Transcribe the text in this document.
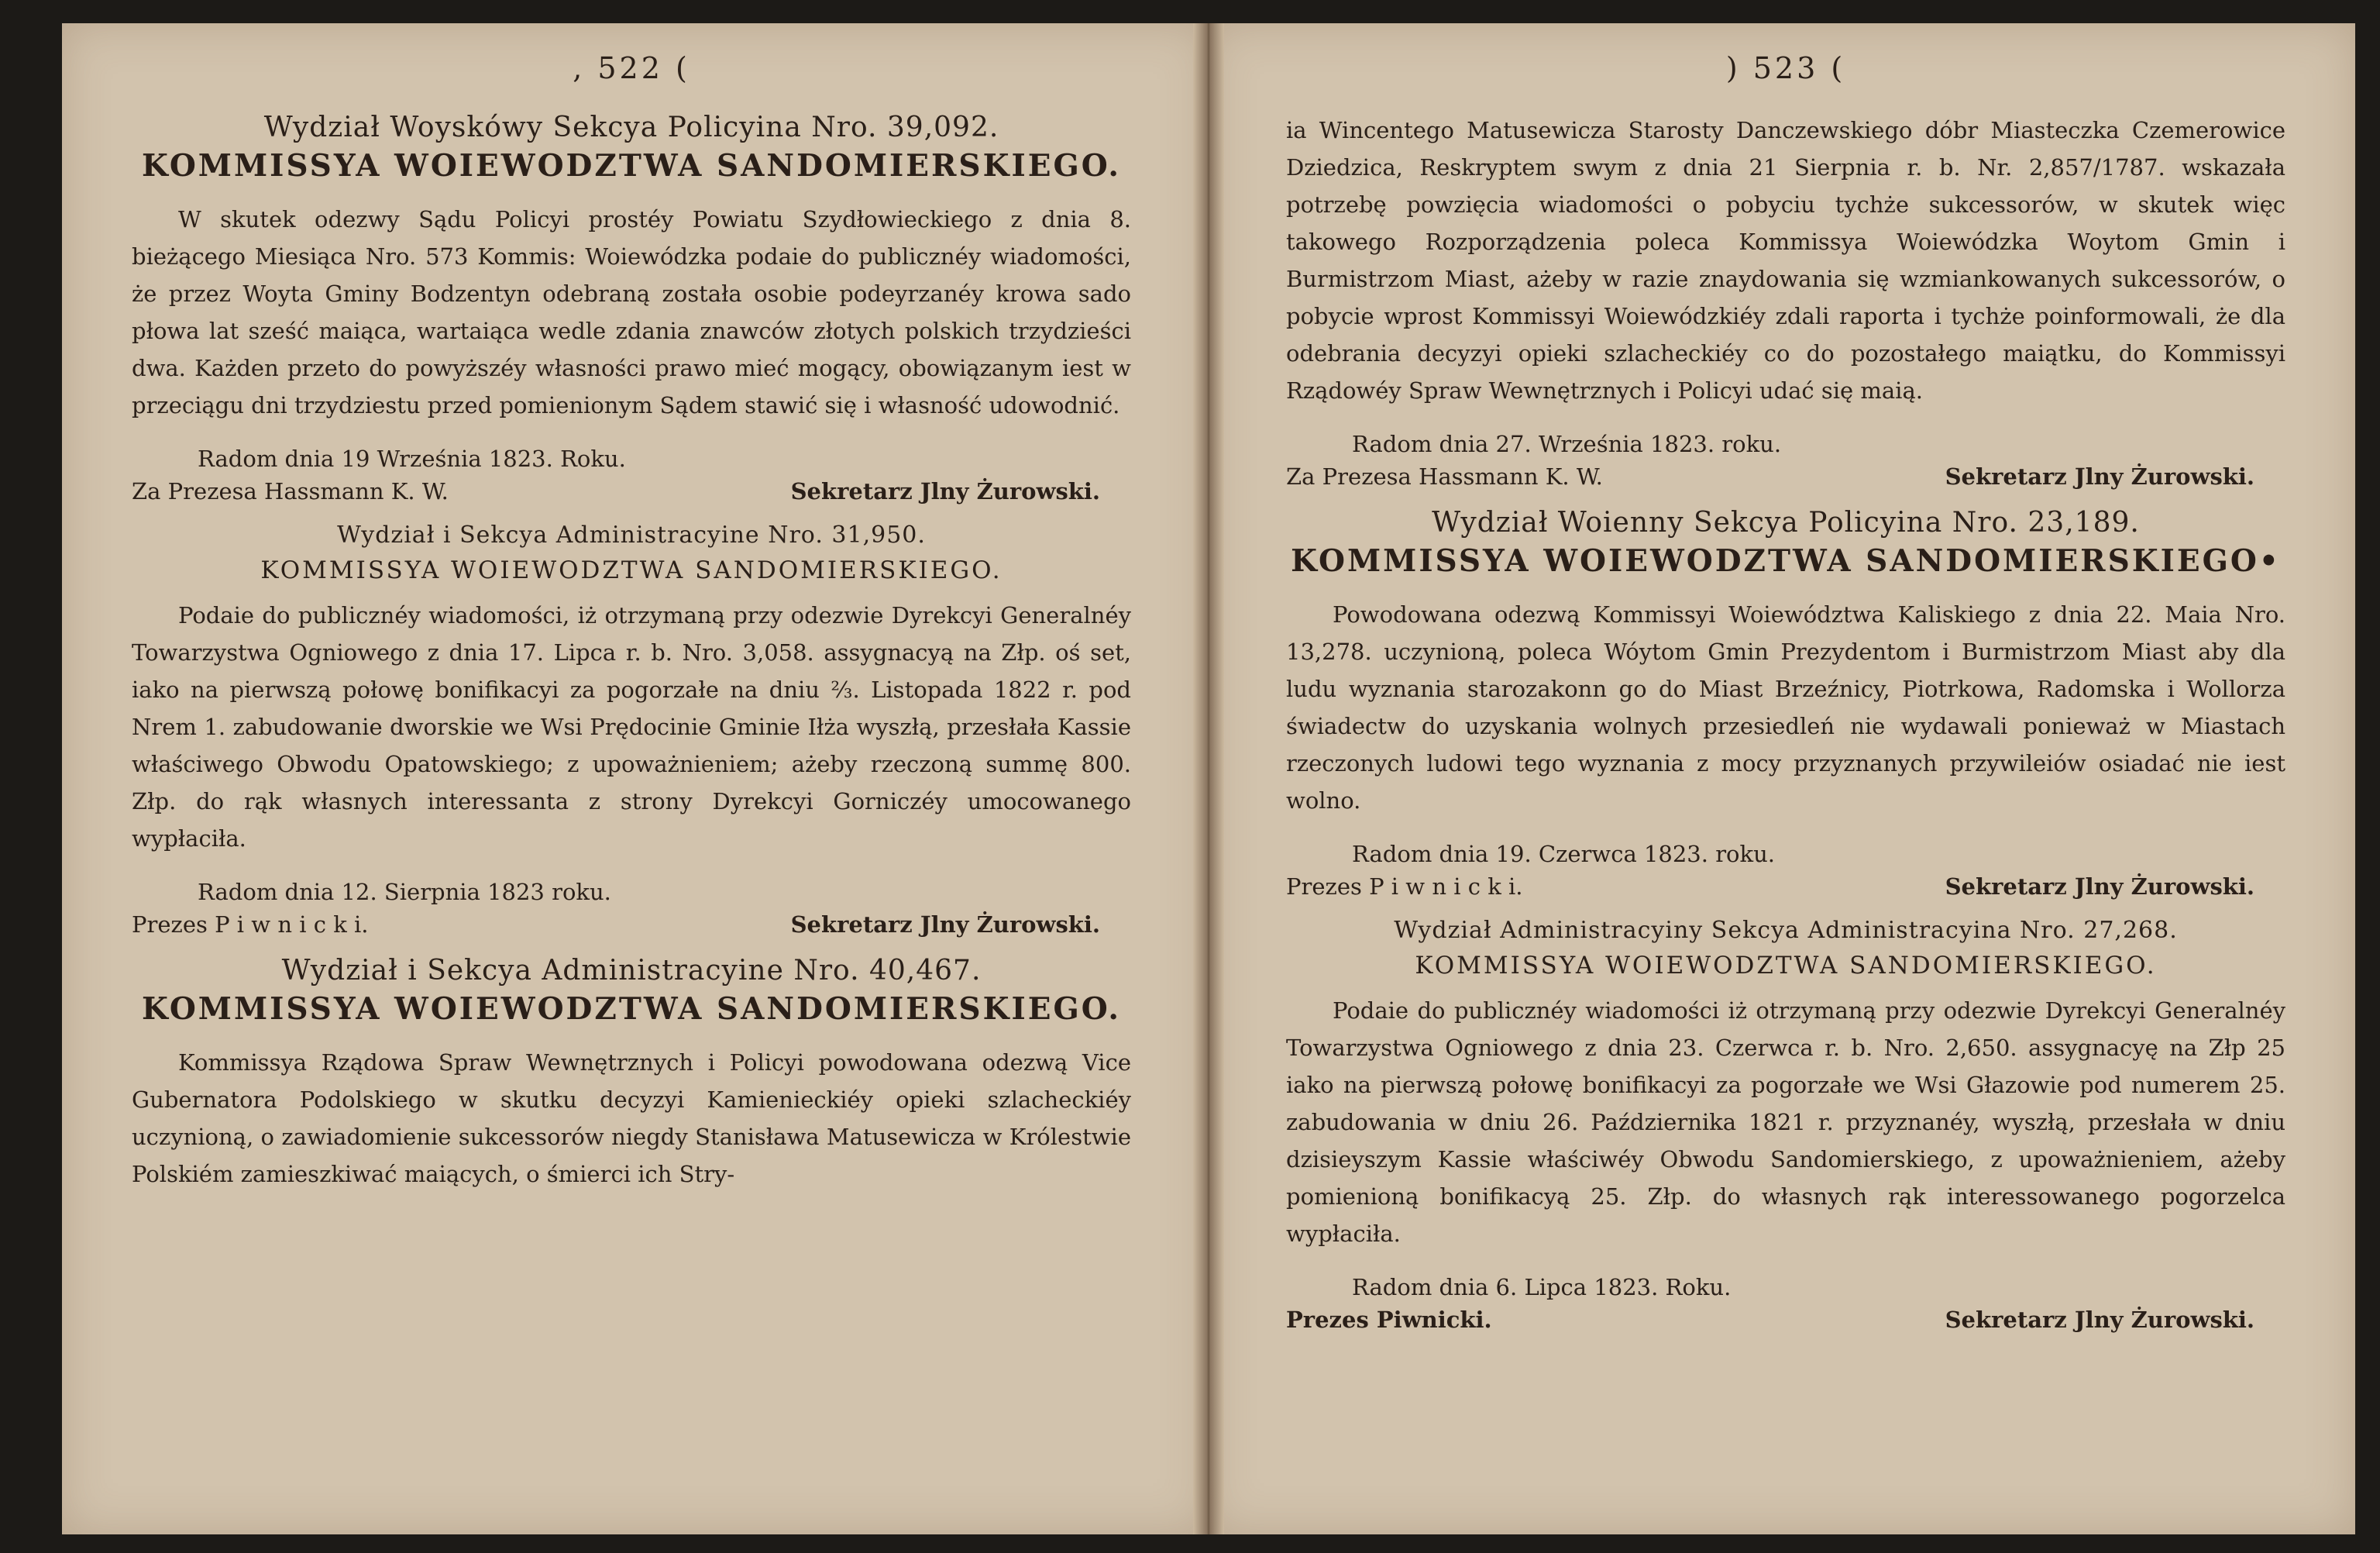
, 522 (
Wydział Woyskówy Sekcya Policyina Nro. 39,092.
KOMMISSYA WOIEWODZTWA SANDOMIERSKIEGO.

W skutek odezwy Sądu Policyi prostéy Powiatu Szydłowieckiego z dnia 8. bieżącego Miesiąca Nro. 573 Kommis: Woiewódzka podaie do publicznéy wiadomości, że przez Woyta Gminy Bodzentyn odebraną została osobie podeyrzanéy krowa sado płowa lat sześć maiąca, wartaiąca wedle zdania znawców złotych polskich trzydzieści dwa. Każden przeto do powyższéy własności prawo mieć mogący, obowiązanym iest w przeciągu dni trzydziestu przed pomienionym Sądem stawić się i własność udowodnić.

Radom dnia 19 Września 1823. Roku.
Za Prezesa Hassmann K. W.	Sekretarz Jlny Żurowski.
Wydział i Sekcya Administracyine Nro. 31,950.
KOMMISSYA WOIEWODZTWA SANDOMIERSKIEGO.

Podaie do publicznéy wiadomości, iż otrzymaną przy odezwie Dyrekcyi Generalnéy Towarzystwa Ogniowego z dnia 17. Lipca r. b. Nro. 3,058. assygnacyą na Złp. oś set, iako na pierwszą połowę bonifikacyi za pogorzałe na dniu ⅔. Listopada 1822 r. pod Nrem 1. zabudowanie dworskie we Wsi Prędocinie Gminie Iłża wyszłą, przesłała Kassie właściwego Obwodu Opatowskiego; z upoważnieniem; ażeby rzeczoną summę 800. Złp. do rąk własnych interessanta z strony Dyrekcyi Gorniczéy umocowanego wypłaciła.

Radom dnia 12. Sierpnia 1823 roku.
Prezes P i w n i c k i.	Sekretarz Jlny Żurowski.
Wydział i Sekcya Administracyine Nro. 40,467.
KOMMISSYA WOIEWODZTWA SANDOMIERSKIEGO.

Kommissya Rządowa Spraw Wewnętrznych i Policyi powodowana odezwą Vice Gubernatora Podolskiego w skutku decyzyi Kamienieckiéy opieki szlacheckiéy uczynioną, o zawiadomienie sukcessorów niegdy Stanisława Matusewicza w Królestwie Polskiém zamieszkiwać maiących, o śmierci ich Stry-

) 523 (

ia Wincentego Matusewicza Starosty Danczewskiego dóbr Miasteczka Czemerowice Dziedzica, Reskryptem swym z dnia 21 Sierpnia r. b. Nr. 2,857/1787. wskazała potrzebę powzięcia wiadomości o pobyciu tychże sukcessorów, w skutek więc takowego Rozporządzenia poleca Kommissya Woiewódzka Woytom Gmin i Burmistrzom Miast, ażeby w razie znaydowania się wzmiankowanych sukcessorów, o pobycie wprost Kommissyi Woiewódzkiéy zdali raporta i tychże poinformowali, że dla odebrania decyzyi opieki szlacheckiéy co do pozostałego maiątku, do Kommissyi Rządowéy Spraw Wewnętrznych i Policyi udać się maią.

Radom dnia 27. Września 1823. roku.
Za Prezesa Hassmann K. W.	Sekretarz Jlny Żurowski.
Wydział Woienny Sekcya Policyina Nro. 23,189.
KOMMISSYA WOIEWODZTWA SANDOMIERSKIEGO•

Powodowana odezwą Kommissyi Woiewództwa Kaliskiego z dnia 22. Maia Nro. 13,278. uczynioną, poleca Wóytom Gmin Prezydentom i Burmistrzom Miast aby dla ludu wyznania starozakonn go do Miast Brzeźnicy, Piotrkowa, Radomska i Wollorza świadectw do uzyskania wolnych przesiedleń nie wydawali ponieważ w Miastach rzeczonych ludowi tego wyznania z mocy przyznanych przywileiów osiadać nie iest wolno.

Radom dnia 19. Czerwca 1823. roku.
Prezes P i w n i c k i.	Sekretarz Jlny Żurowski.
Wydział Administracyiny Sekcya Administracyina Nro. 27,268.
KOMMISSYA WOIEWODZTWA SANDOMIERSKIEGO.

Podaie do publicznéy wiadomości iż otrzymaną przy odezwie Dyrekcyi Generalnéy Towarzystwa Ogniowego z dnia 23. Czerwca r. b. Nro. 2,650. assygnacyę na Złp 25 iako na pierwszą połowę bonifikacyi za pogorzałe we Wsi Głazowie pod numerem 25. zabudowania w dniu 26. Października 1821 r. przyznanéy, wyszłą, przesłała w dniu dzisieyszym Kassie właściwéy Obwodu Sandomierskiego, z upoważnieniem, ażeby pomienioną bonifikacyą 25. Złp. do własnych rąk interessowanego pogorzelca wypłaciła.

Radom dnia 6. Lipca 1823. Roku.
Prezes Piwnicki.	Sekretarz Jlny Żurowski.
